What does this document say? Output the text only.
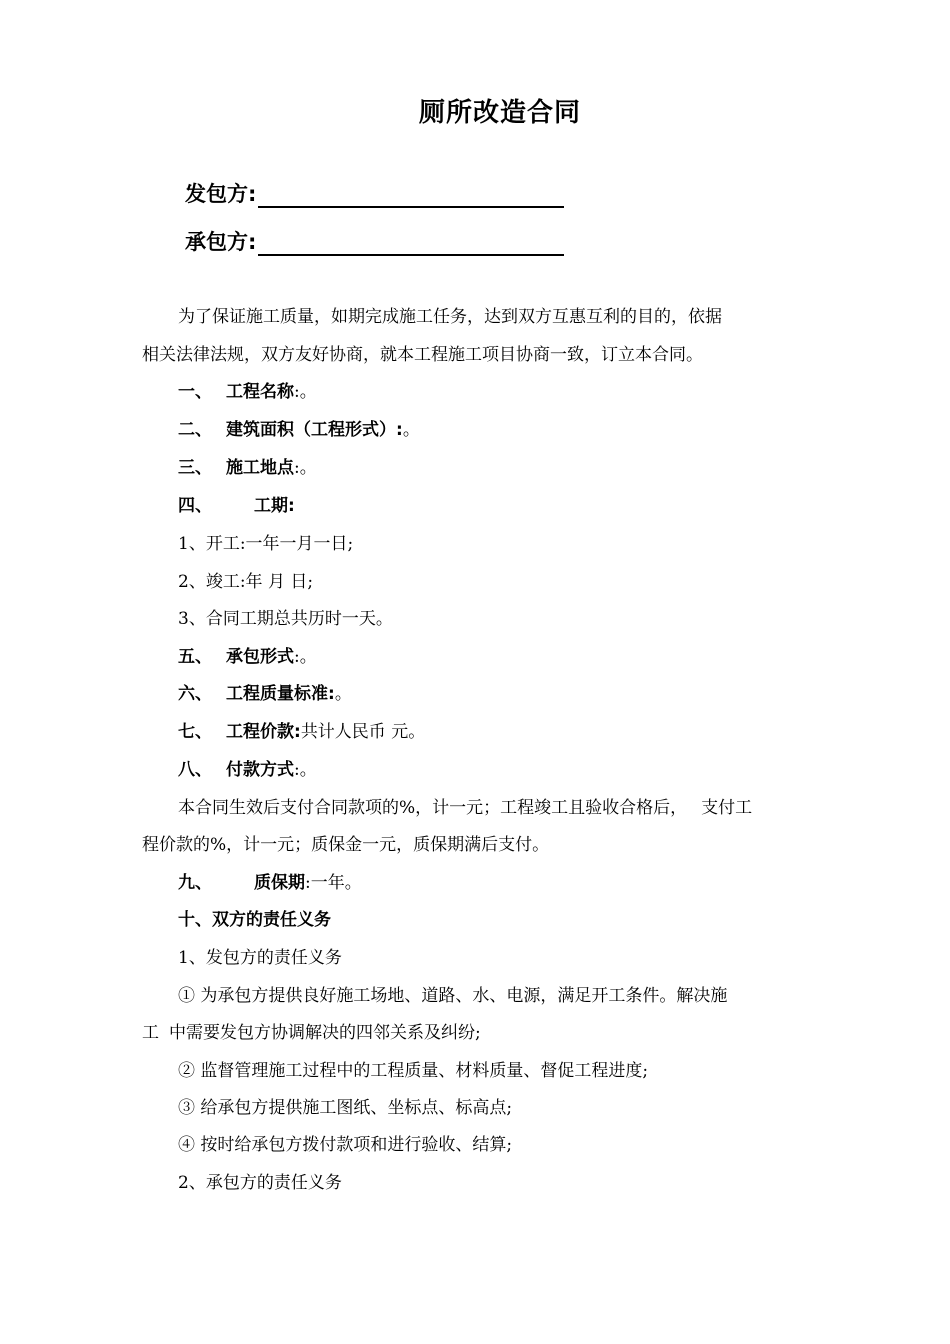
厕所改造合同
发包方:
承包方:
为了保证施工质量，如期完成施工任务，达到双方互惠互利的目的，依据
相关法律法规，双方友好协商，就本工程施工项目协商一致，订立本合同。
一、 工程名称:。
二、 建筑面积（工程形式）:。
三、 施工地点:。
四、 工期:
1、开工:一年一月一日;
2、竣工:年 月 日;
3、合同工期总共历时一天。
五、 承包形式:。
六、 工程质量标准:。
七、 工程价款:共计人民币 元。
八、 付款方式:。
本合同生效后支付合同款项的%，计一元；工程竣工且验收合格后， 支付工
程价款的%，计一元；质保金一元，质保期满后支付。
九、 质保期:一年。
十、双方的责任义务
1、发包方的责任义务
① 为承包方提供良好施工场地、道路、水、电源，满足开工条件。解决施
工 中需要发包方协调解决的四邻关系及纠纷;
② 监督管理施工过程中的工程质量、材料质量、督促工程进度;
③ 给承包方提供施工图纸、坐标点、标高点;
④ 按时给承包方拨付款项和进行验收、结算;
2、承包方的责任义务
